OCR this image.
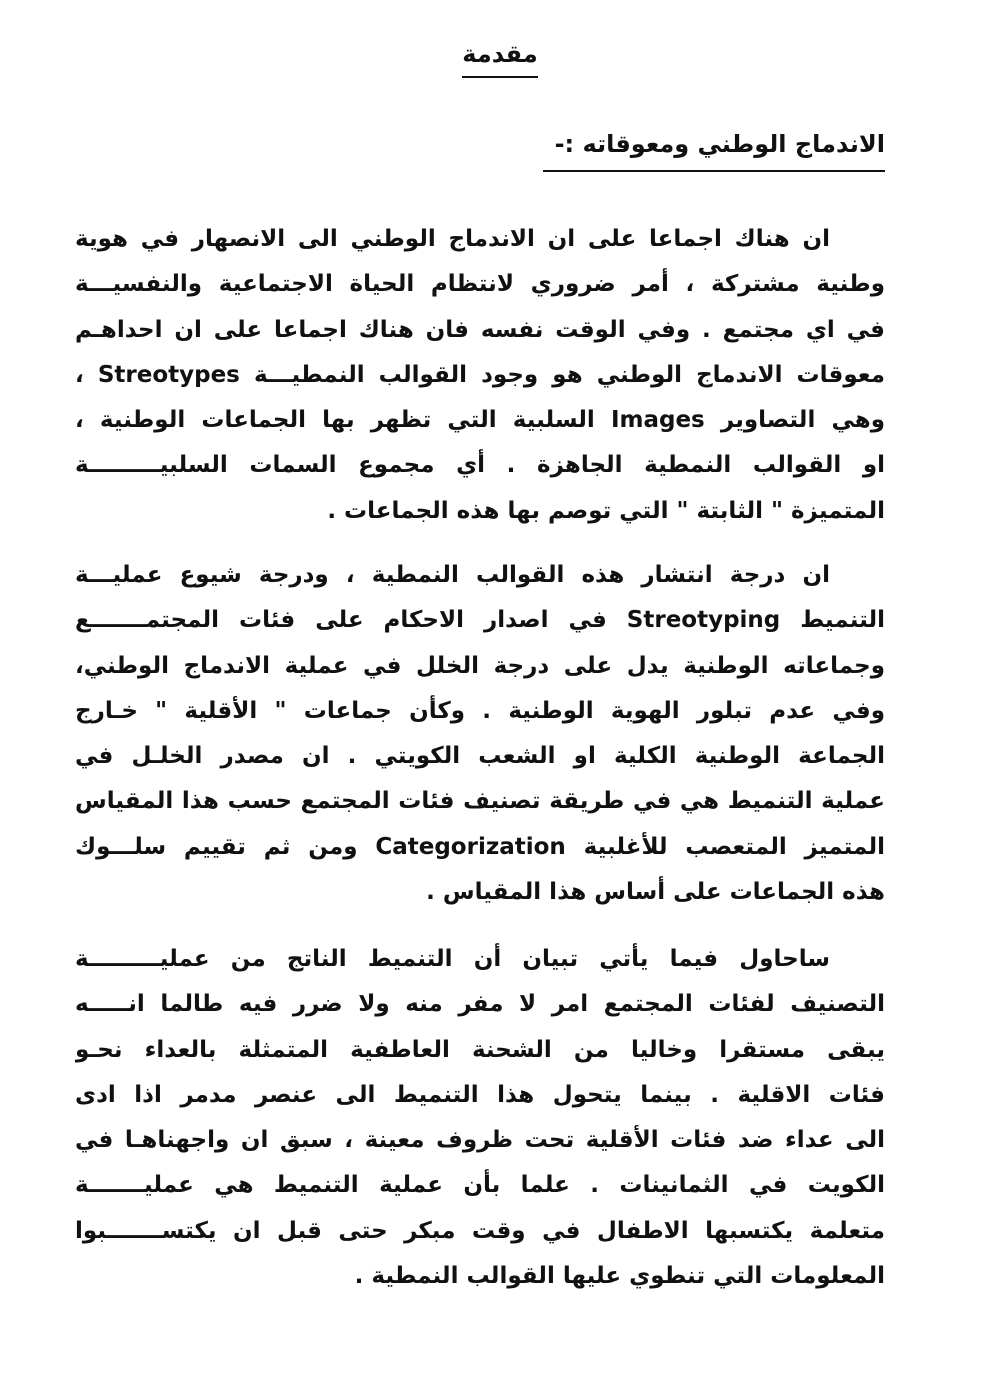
مقدمة
الاندماج الوطني ومعوقاته :-
ان هناك اجماعا على ان الاندماج الوطني الى الانصهار في هوية
وطنية مشتركة ، أمر ضروري لانتظام الحياة الاجتماعية والنفسيـــة
في اي مجتمع . وفي الوقت نفسه فان هناك اجماعا على ان احداهـم
معوقات الاندماج الوطني هو وجود القوالب النمطيـــة Streotypes ،
وهي التصاوير Images السلبية التي تظهر بها الجماعات الوطنية ،
او القوالب النمطية الجاهزة . أي مجموع السمات السلبيـــــــــة
المتميزة " الثابتة " التي توصم بها هذه الجماعات .
ان درجة انتشار هذه القوالب النمطية ، ودرجة شيوع عمليـــة
التنميط Streotyping في اصدار الاحكام على فئات المجتمـــــــع
وجماعاته الوطنية يدل على درجة الخلل في عملية الاندماج الوطني،
وفي عدم تبلور الهوية الوطنية . وكأن جماعات " الأقلية " خـارج
الجماعة الوطنية الكلية او الشعب الكويتي . ان مصدر الخلـل في
عملية التنميط هي في طريقة تصنيف فئات المجتمع حسب هذا المقياس
المتميز المتعصب للأغلبية Categorization ومن ثم تقييم سلـــوك
هذه الجماعات على أساس هذا المقياس .
ساحاول فيما يأتي تبيان أن التنميط الناتج من عمليـــــــــة
التصنيف لفئات المجتمع امر لا مفر منه ولا ضرر فيه طالما انـــــه
يبقى مستقرا وخاليا من الشحنة العاطفية المتمثلة بالعداء نحـو
فئات الاقلية . بينما يتحول هذا التنميط الى عنصر مدمر اذا ادى
الى عداء ضد فئات الأقلية تحت ظروف معينة ، سبق ان واجهناهـا في
الكويت في الثمانينات . علما بأن عملية التنميط هي عمليـــــــة
متعلمة يكتسبها الاطفال في وقت مبكر حتى قبل ان يكتســـــــبوا
المعلومات التي تنطوي عليها القوالب النمطية .
